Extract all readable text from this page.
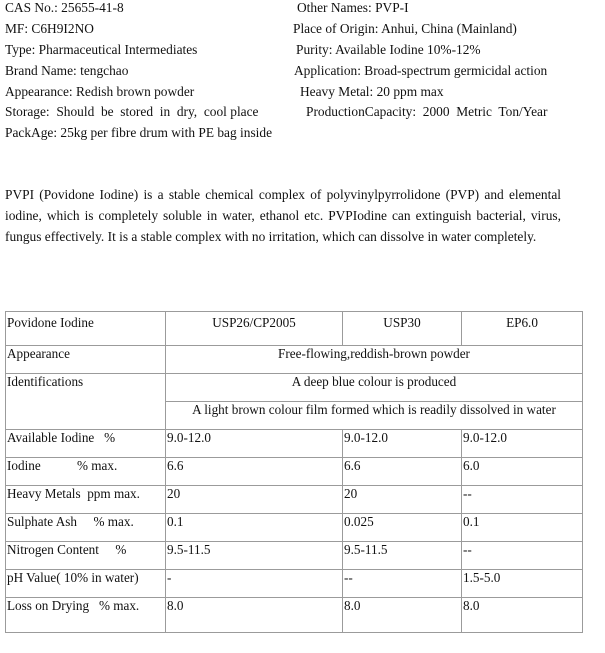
CAS No.: 25655-41-8
MF: C6H9I2NO
Type: Pharmaceutical Intermediates
Brand Name: tengchao
Appearance: Redish brown powder
Storage:  Should  be  stored  in  dry,  cool place
PackAge: 25kg per fibre drum with PE bag inside
Other Names: PVP-I
Place of Origin: Anhui, China (Mainland)
Purity: Available Iodine 10%-12%
Application: Broad-spectrum germicidal action
Heavy Metal: 20 ppm max
ProductionCapacity:  2000  Metric  Ton/Year
PVPI (Povidone Iodine) is a stable chemical complex of polyvinylpyrrolidone (PVP) and elemental iodine, which is completely soluble in water, ethanol etc. PVPIodine can extinguish bacterial, virus, fungus effectively. It is a stable complex with no irritation, which can dissolve in water completely.
Povidone Iodine	USP26/CP2005	USP30	EP6.0
Appearance	Free-flowing,reddish-brown powder		
Identifications	A deep blue colour is produced		
	A light brown colour film formed which is readily dissolved in water		
Available Iodine   %	9.0-12.0	9.0-12.0	9.0-12.0
Iodine           % max.	6.6	6.6	6.0
Heavy Metals  ppm max.	20	20	--
Sulphate Ash     % max.	0.1	0.025	0.1
Nitrogen Content     %	9.5-11.5	9.5-11.5	--
pH Value( 10% in water)	-	--	1.5-5.0
Loss on Drying   % max.	8.0	8.0	8.0
